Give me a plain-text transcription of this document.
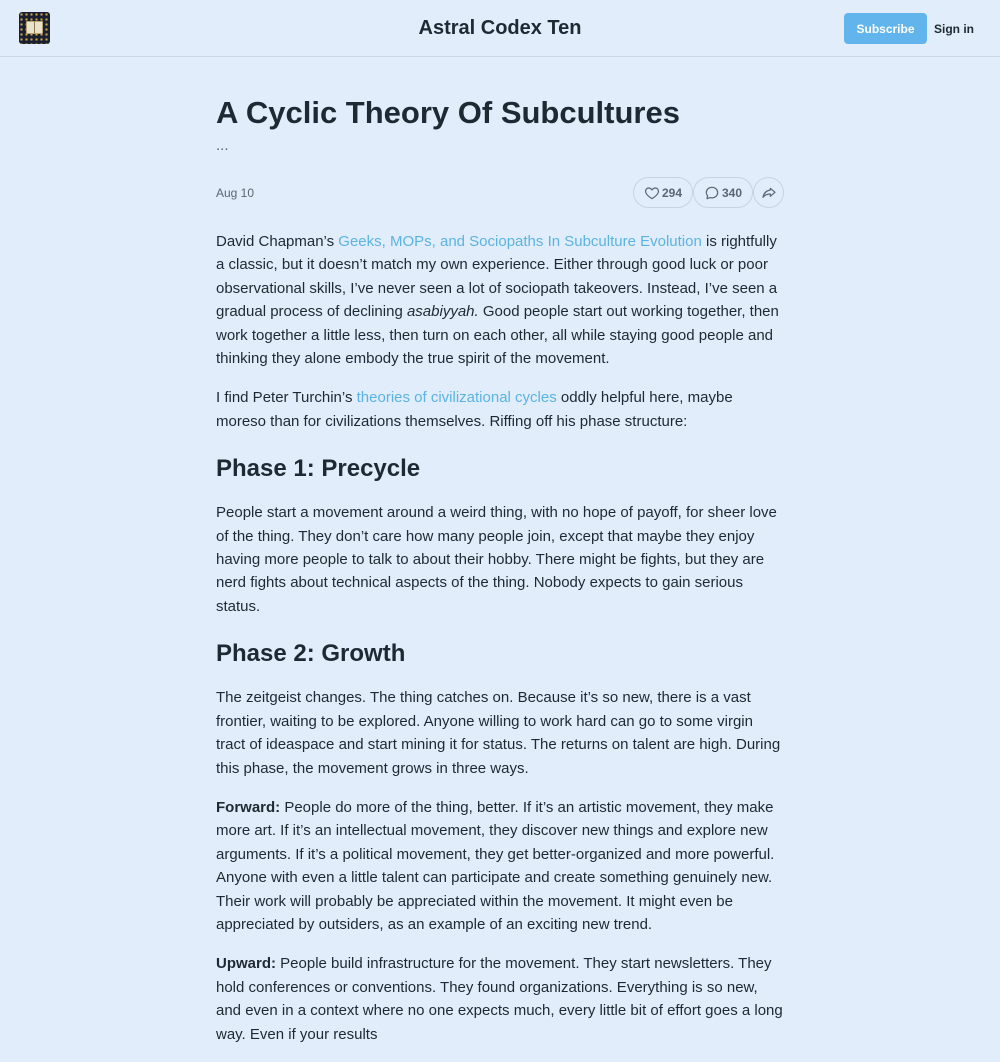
Astral Codex Ten	Subscribe	Sign in
A Cyclic Theory Of Subcultures
...
Aug 10	294	340

David Chapman’s Geeks, MOPs, and Sociopaths In Subculture Evolution is rightfully a classic, but it doesn’t match my own experience. Either through good luck or poor observational skills, I’ve never seen a lot of sociopath takeovers. Instead, I’ve seen a gradual process of declining asabiyyah. Good people start out working together, then work together a little less, then turn on each other, all while staying good people and thinking they alone embody the true spirit of the movement.

I find Peter Turchin’s theories of civilizational cycles oddly helpful here, maybe moreso than for civilizations themselves. Riffing off his phase structure:

Phase 1: Precycle

People start a movement around a weird thing, with no hope of payoff, for sheer love of the thing. They don’t care how many people join, except that maybe they enjoy having more people to talk to about their hobby. There might be fights, but they are nerd fights about technical aspects of the thing. Nobody expects to gain serious status.

Phase 2: Growth

The zeitgeist changes. The thing catches on. Because it’s so new, there is a vast frontier, waiting to be explored. Anyone willing to work hard can go to some virgin tract of ideaspace and start mining it for status. The returns on talent are high. During this phase, the movement grows in three ways.

Forward: People do more of the thing, better. If it’s an artistic movement, they make more art. If it’s an intellectual movement, they discover new things and explore new arguments. If it’s a political movement, they get better-organized and more powerful. Anyone with even a little talent can participate and create something genuinely new. Their work will probably be appreciated within the movement. It might even be appreciated by outsiders, as an example of an exciting new trend.

Upward: People build infrastructure for the movement. They start newsletters. They hold conferences or conventions. They found organizations. Everything is so new, and even in a context where no one expects much, every little bit of effort goes a long way. Even if your results
